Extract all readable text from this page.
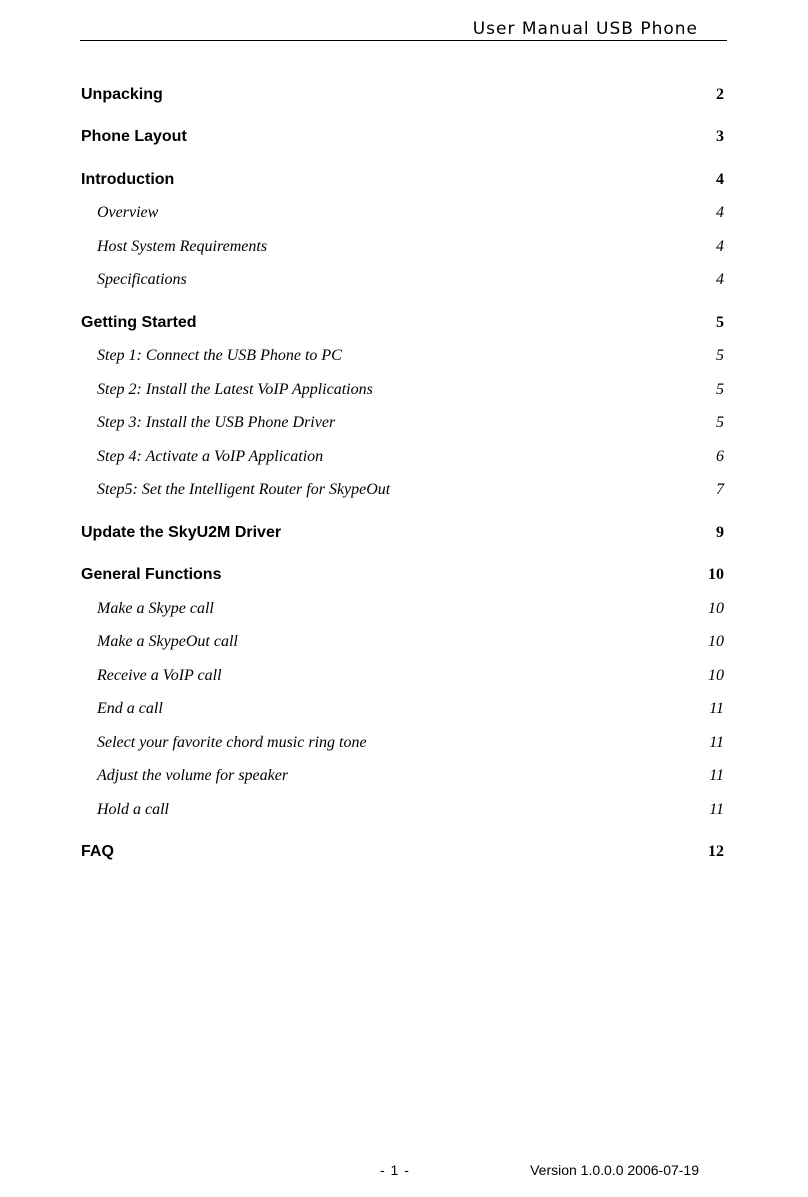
User Manual USB Phone
Unpacking	2
Phone Layout	3
Introduction	4
Overview	4
Host System Requirements	4
Specifications	4
Getting Started	5
Step 1: Connect the USB Phone to PC	5
Step 2: Install the Latest VoIP Applications	5
Step 3: Install the USB Phone Driver	5
Step 4: Activate a VoIP Application	6
Step5: Set the Intelligent Router for SkypeOut	7
Update the SkyU2M Driver	9
General Functions	10
Make a Skype call	10
Make a SkypeOut call	10
Receive a VoIP call	10
End a call	11
Select your favorite chord music ring tone	11
Adjust the volume for speaker	11
Hold a call	11
FAQ	12
- 1 -	Version 1.0.0.0 2006-07-19
